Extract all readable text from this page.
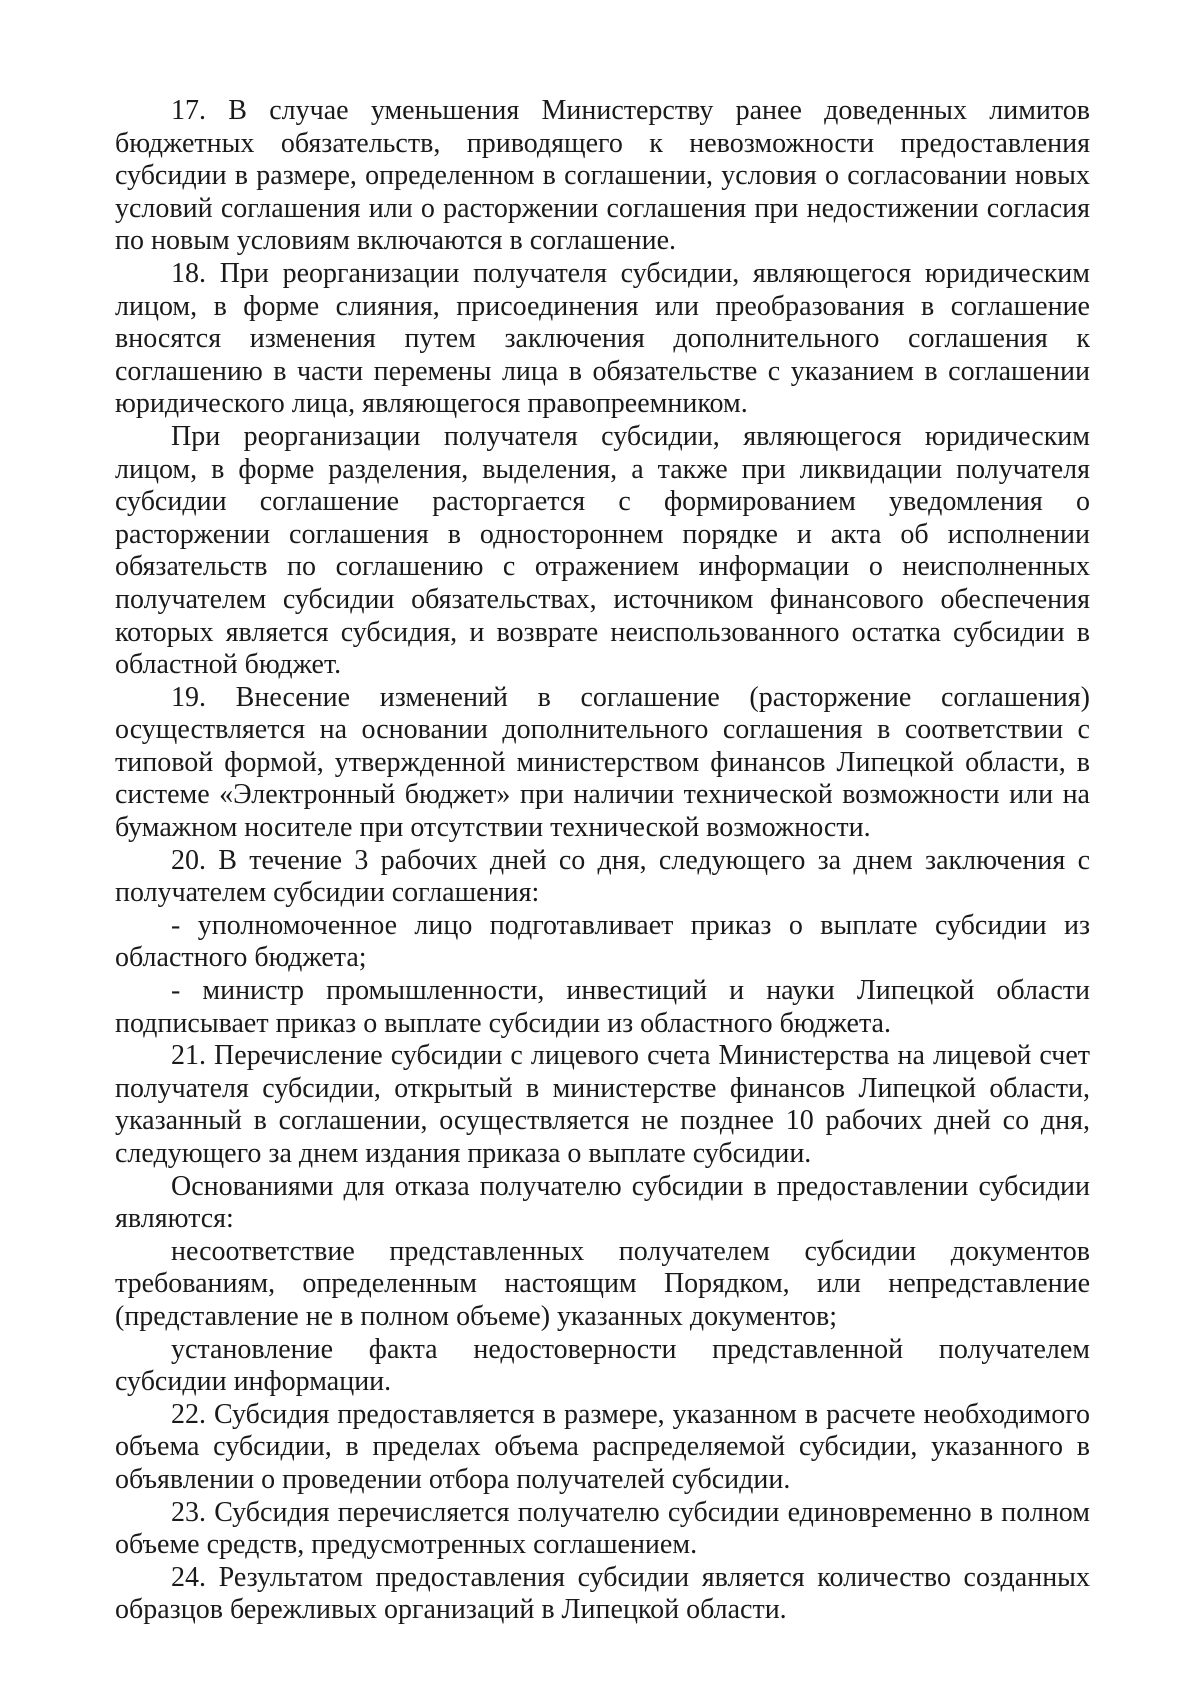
17. В случае уменьшения Министерству ранее доведенных лимитов бюджетных обязательств, приводящего к невозможности предоставления субсидии в размере, определенном в соглашении, условия о согласовании новых условий соглашения или о расторжении соглашения при недостижении согласия по новым условиям включаются в соглашение.

18. При реорганизации получателя субсидии, являющегося юридическим лицом, в форме слияния, присоединения или преобразования в соглашение вносятся изменения путем заключения дополнительного соглашения к соглашению в части перемены лица в обязательстве с указанием в соглашении юридического лица, являющегося правопреемником.

При реорганизации получателя субсидии, являющегося юридическим лицом, в форме разделения, выделения, а также при ликвидации получателя субсидии соглашение расторгается с формированием уведомления о расторжении соглашения в одностороннем порядке и акта об исполнении обязательств по соглашению с отражением информации о неисполненных получателем субсидии обязательствах, источником финансового обеспечения которых является субсидия, и возврате неиспользованного остатка субсидии в областной бюджет.

19. Внесение изменений в соглашение (расторжение соглашения) осуществляется на основании дополнительного соглашения в соответствии с типовой формой, утвержденной министерством финансов Липецкой области, в системе «Электронный бюджет» при наличии технической возможности или на бумажном носителе при отсутствии технической возможности.

20. В течение 3 рабочих дней со дня, следующего за днем заключения с получателем субсидии соглашения:

- уполномоченное лицо подготавливает приказ о выплате субсидии из областного бюджета;

- министр промышленности, инвестиций и науки Липецкой области подписывает приказ о выплате субсидии из областного бюджета.

21. Перечисление субсидии с лицевого счета Министерства на лицевой счет получателя субсидии, открытый в министерстве финансов Липецкой области, указанный в соглашении, осуществляется не позднее 10 рабочих дней со дня, следующего за днем издания приказа о выплате субсидии.

Основаниями для отказа получателю субсидии в предоставлении субсидии являются:

несоответствие представленных получателем субсидии документов требованиям, определенным настоящим Порядком, или непредставление (представление не в полном объеме) указанных документов;

установление факта недостоверности представленной получателем субсидии информации.

22. Субсидия предоставляется в размере, указанном в расчете необходимого объема субсидии, в пределах объема распределяемой субсидии, указанного в объявлении о проведении отбора получателей субсидии.

23. Субсидия перечисляется получателю субсидии единовременно в полном объеме средств, предусмотренных соглашением.

24. Результатом предоставления субсидии является количество созданных образцов бережливых организаций в Липецкой области.
